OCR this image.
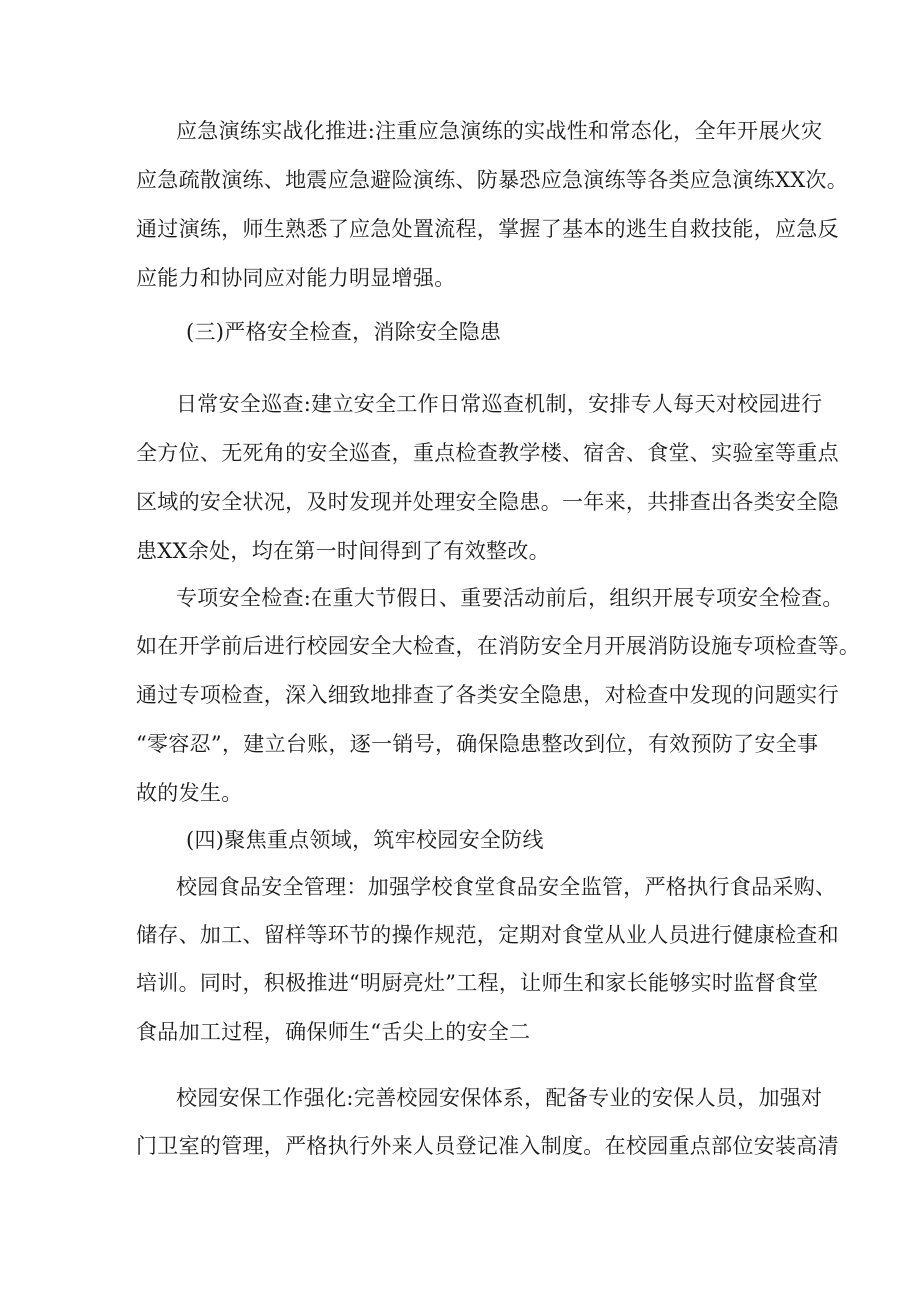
应急演练实战化推进:注重应急演练的实战性和常态化，全年开展火灾
应急疏散演练、地震应急避险演练、防暴恐应急演练等各类应急演练XX次。
通过演练，师生熟悉了应急处置流程，掌握了基本的逃生自救技能，应急反
应能力和协同应对能力明显增强。
(三)严格安全检查，消除安全隐患
日常安全巡查:建立安全工作日常巡查机制，安排专人每天对校园进行
全方位、无死角的安全巡查，重点检查教学楼、宿舍、食堂、实验室等重点
区域的安全状况，及时发现并处理安全隐患。一年来，共排查出各类安全隐
患XX余处，均在第一时间得到了有效整改。
专项安全检查:在重大节假日、重要活动前后，组织开展专项安全检查。
如在开学前后进行校园安全大检查，在消防安全月开展消防设施专项检查等。
通过专项检查，深入细致地排查了各类安全隐患，对检查中发现的问题实行
“零容忍”，建立台账，逐一销号，确保隐患整改到位，有效预防了安全事
故的发生。
(四)聚焦重点领域，筑牢校园安全防线
校园食品安全管理：加强学校食堂食品安全监管，严格执行食品采购、
储存、加工、留样等环节的操作规范，定期对食堂从业人员进行健康检查和
培训。同时，积极推进“明厨亮灶”工程，让师生和家长能够实时监督食堂
食品加工过程，确保师生“舌尖上的安全二
校园安保工作强化:完善校园安保体系，配备专业的安保人员，加强对
门卫室的管理，严格执行外来人员登记准入制度。在校园重点部位安装高清
